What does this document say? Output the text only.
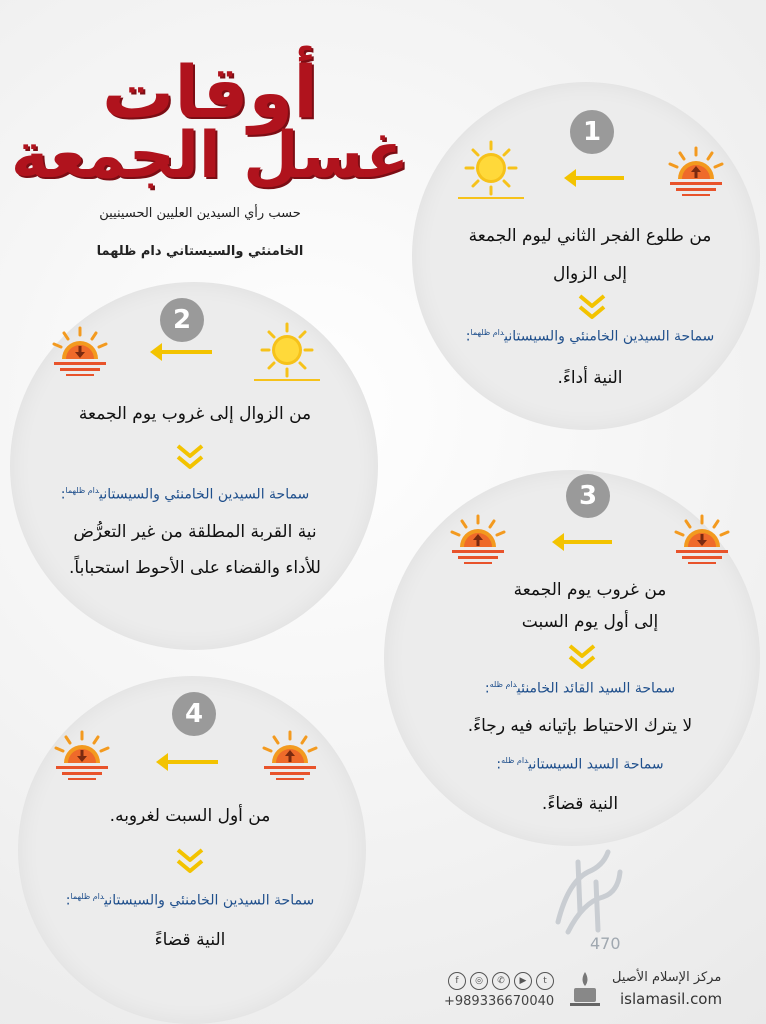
أوقات
غسل الجمعة
حسب رأي السيدين العليين الحسينيين
الخامنئي والسيستاني دام ظلهما
1
من طلوع الفجر الثاني ليوم الجمعة
إلى الزوال
سماحة السيدين الخامنئي والسيستاني$^{دام ظلهما}$:
النية أداءً.
2
من الزوال إلى غروب يوم الجمعة
سماحة السيدين الخامنئي والسيستاني$^{دام ظلهما}$:
نية القربة المطلقة من غير التعرُّض
للأداء والقضاء على الأحوط استحباباً.
3
من غروب يوم الجمعة
إلى أول يوم السبت
سماحة السيد القائد الخامنئي$^{دام ظله}$:
لا يترك الاحتياط بإتيانه فيه رجاءً.
سماحة السيد السيستاني$^{دام ظله}$:
النية قضاءً.
4
من أول السبت لغروبه.
سماحة السيدين الخامنئي والسيستاني$^{دام ظلهما}$:
النية قضاءً	470
مركز الإسلام الأصيل
islamasil.com
t
▶
✆
◎
f
+989336670040
